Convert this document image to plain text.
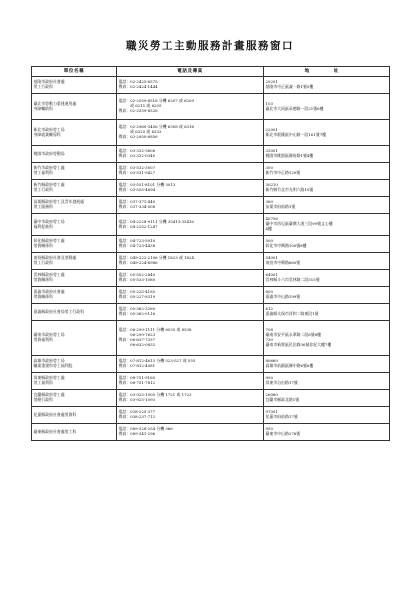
職災勞工主動服務計畫服務窗口
單位名稱	電話及傳真	地　址

基隆市政府社會處
勞工行政科	電話：02-2425-6575
傳真：02-2424-1444	20201
基隆市中正區義一路1號5樓

臺北市勞動力重建運用處
身障輔助科	電話：02-2559-8518 分機 6207 或 6209
　　　或 6211 或 6205
傳真：02-2559-8528	103
臺北市大同區承德路一段21號6樓

新北市政府勞工局
身障就業輔導科	電話：02-2960-3456 分機 6308 或 6316
　　　或 6325 或 6333
傳真：02-2950-6856	22001
新北市板橋區中山路一段161號7樓

桃園市政府勞動局	電話：03-332-3606
傳真：03-332-0340	33001
桃園市桃園區縣府路1號4樓

新竹市政府勞工處
勞工福利科	電話：03-532-3007
傳真：03-531-9427	300
新竹市中正路120號

新竹縣政府勞工處
勞工行政科	電話：03-551-8101 分機 3013
傳真：03-555-4694	30210
新竹縣竹北市光明六路10號

苗栗縣政府勞工及青年發展處
勞工服務科	電話：037-371-440
傳真：037-334-508	360
苗栗市府前路1號

臺中市政府勞工局
福利促進科	電話：04-2228-9111 分機 35413-35416
傳真：04-2252-1247	40756
臺中市西屯區臺灣大道三段99號文心樓
4樓

彰化縣政府勞工處
勞資關係科	電話：04-723-5010
傳真：04-723-4438	500
彰化市中興路100號8樓

南投縣政府社會及勞動處
勞工行政科	電話：049-222-2106 分機 1823 或 1824
傳真：049-224-6986	54001
南投市中興路660號

雲林縣政府勞工處
勞資關係科	電話：05-552-2840
傳真：05-533-1080	64001
雲林縣斗六市雲林路二段515號

嘉義市政府社會處
勞資關係科	電話：05-225-4185
傳真：05-227-8319	600
嘉義市中山路199號

嘉義縣政府社會局勞工行政科	電話：05-362-3280
傳真：05-362-0116	612
嘉義縣太保市祥和二路東段1號

臺南市政府勞工局
勞資福利科	電話：06-299-1111 分機 8535 或 8538
　　　06-299-7623
傳真：06-637-7337
　　　06-632-0832	708
臺南市安平區永華路二段6號8樓
730
臺南市新營區民治路36號非紀大樓7樓

高雄市政府勞工局
職業重建科勞工福利股	電話：07-812-4613 分機 523-527 或 555
傳真：07-812-4081	80669
高雄市前鎮區縣中路6號6樓

屏東縣政府勞工處
勞工福利科	電話：08-751-9160
傳真：08-751-7812	900
屏東市自由路17號

宜蘭縣政府勞工處
勞動行政科	電話：03-925-1000 分機 1721 或 1723
傳真：03-925-1093	26060
宜蘭市縣政北路1號

花蓮縣政府社會處勞資科	電話：038-225-377
傳真：038-237-712	97001
花蓮市府前路17號

臺東縣政府社會處勞工科	電話：089-328-254 分機 366
傳真：089-341-296	950
臺東市中山路276號
